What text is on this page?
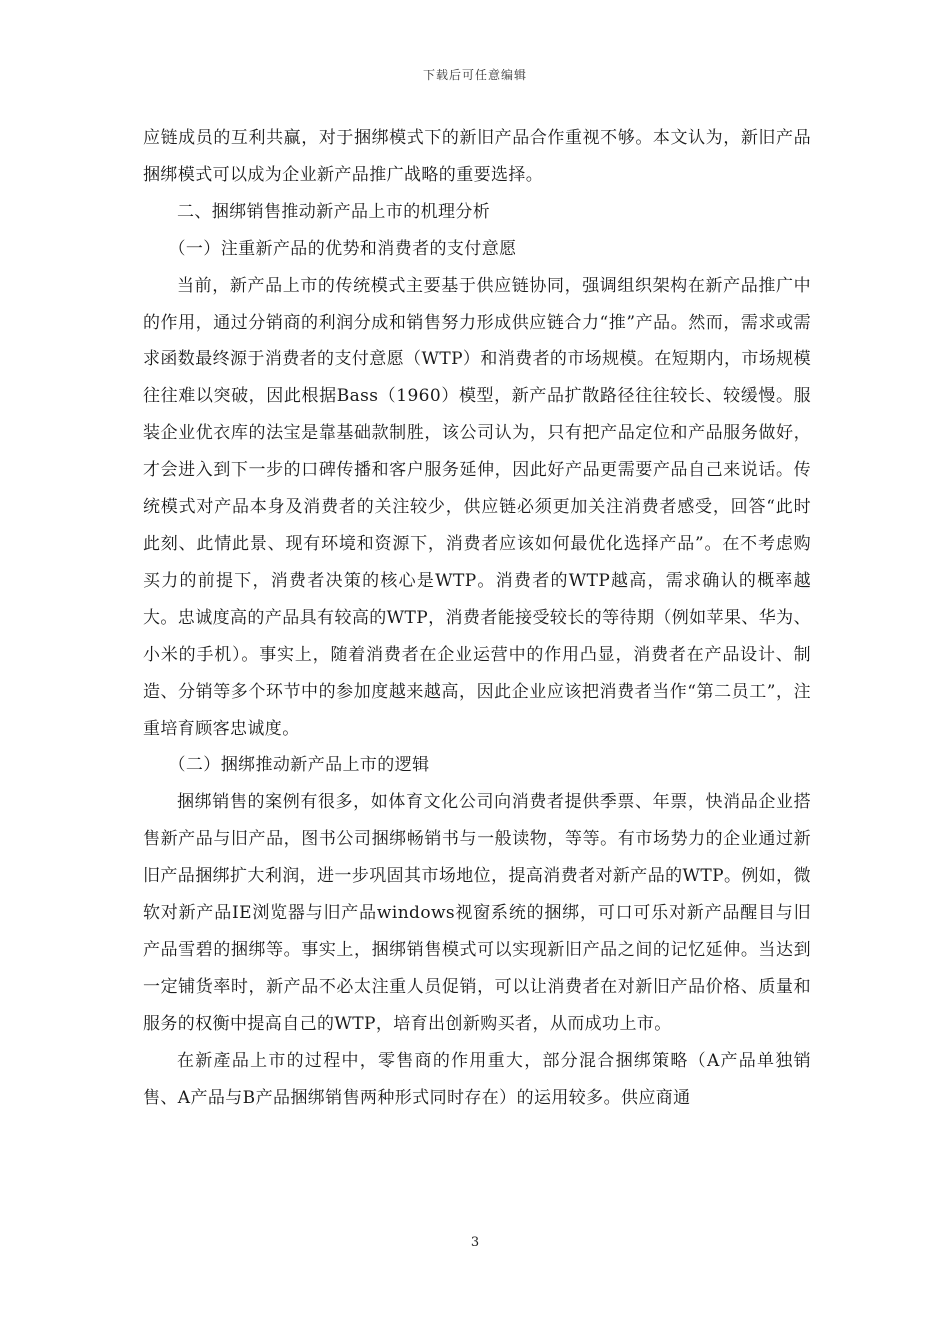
下载后可任意编辑

应链成员的互利共赢，对于捆绑模式下的新旧产品合作重视不够。本文认为，新旧产品捆绑模式可以成为企业新产品推广战略的重要选择。

二、捆绑销售推动新产品上市的机理分析

（一）注重新产品的优势和消费者的支付意愿

当前，新产品上市的传统模式主要基于供应链协同，强调组织架构在新产品推广中的作用，通过分销商的利润分成和销售努力形成供应链合力“推”产品。然而，需求或需求函数最终源于消费者的支付意愿（WTP）和消费者的市场规模。在短期内，市场规模往往难以突破，因此根据Bass（1960）模型，新产品扩散路径往往较长、较缓慢。服装企业优衣库的法宝是靠基础款制胜，该公司认为，只有把产品定位和产品服务做好，才会进入到下一步的口碑传播和客户服务延伸，因此好产品更需要产品自己来说话。传统模式对产品本身及消费者的关注较少，供应链必须更加关注消费者感受，回答“此时此刻、此情此景、现有环境和资源下，消费者应该如何最优化选择产品”。在不考虑购买力的前提下，消费者决策的核心是WTP。消费者的WTP越高，需求确认的概率越大。忠诚度高的产品具有较高的WTP，消费者能接受较长的等待期（例如苹果、华为、小米的手机）。事实上，随着消费者在企业运营中的作用凸显，消费者在产品设计、制造、分销等多个环节中的参加度越来越高，因此企业应该把消费者当作“第二员工”，注重培育顾客忠诚度。

（二）捆绑推动新产品上市的逻辑

捆绑销售的案例有很多，如体育文化公司向消费者提供季票、年票，快消品企业搭售新产品与旧产品，图书公司捆绑畅销书与一般读物，等等。有市场势力的企业通过新旧产品捆绑扩大利润，进一步巩固其市场地位，提高消费者对新产品的WTP。例如，微软对新产品IE浏览器与旧产品windows视窗系统的捆绑，可口可乐对新产品醒目与旧产品雪碧的捆绑等。事实上，捆绑销售模式可以实现新旧产品之间的记忆延伸。当达到一定铺货率时，新产品不必太注重人员促销，可以让消费者在对新旧产品价格、质量和服务的权衡中提高自己的WTP，培育出创新购买者，从而成功上市。

在新產品上市的过程中，零售商的作用重大，部分混合捆绑策略（A产品单独销售、A产品与B产品捆绑销售两种形式同时存在）的运用较多。供应商通

3
